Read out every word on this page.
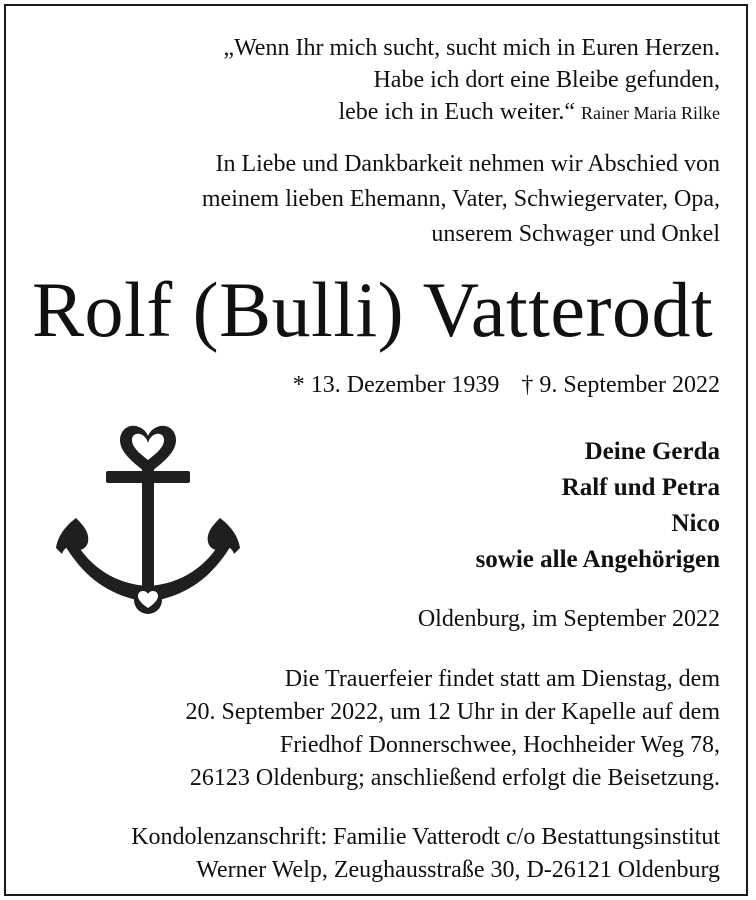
„Wenn Ihr mich sucht, sucht mich in Euren Herzen.
Habe ich dort eine Bleibe gefunden,
lebe ich in Euch weiter.“ Rainer Maria Rilke
In Liebe und Dankbarkeit nehmen wir Abschied von
meinem lieben Ehemann, Vater, Schwiegervater, Opa,
unserem Schwager und Onkel
Rolf (Bulli) Vatterodt
* 13. Dezember 1939 † 9. September 2022
Deine Gerda
Ralf und Petra
Nico
sowie alle Angehörigen
Oldenburg, im September 2022
Die Trauerfeier findet statt am Dienstag, dem
20. September 2022, um 12 Uhr in der Kapelle auf dem
Friedhof Donnerschwee, Hochheider Weg 78,
26123 Oldenburg; anschließend erfolgt die Beisetzung.
Kondolenzanschrift: Familie Vatterodt c/o Bestattungsinstitut
Werner Welp, Zeughausstraße 30, D-26121 Oldenburg
